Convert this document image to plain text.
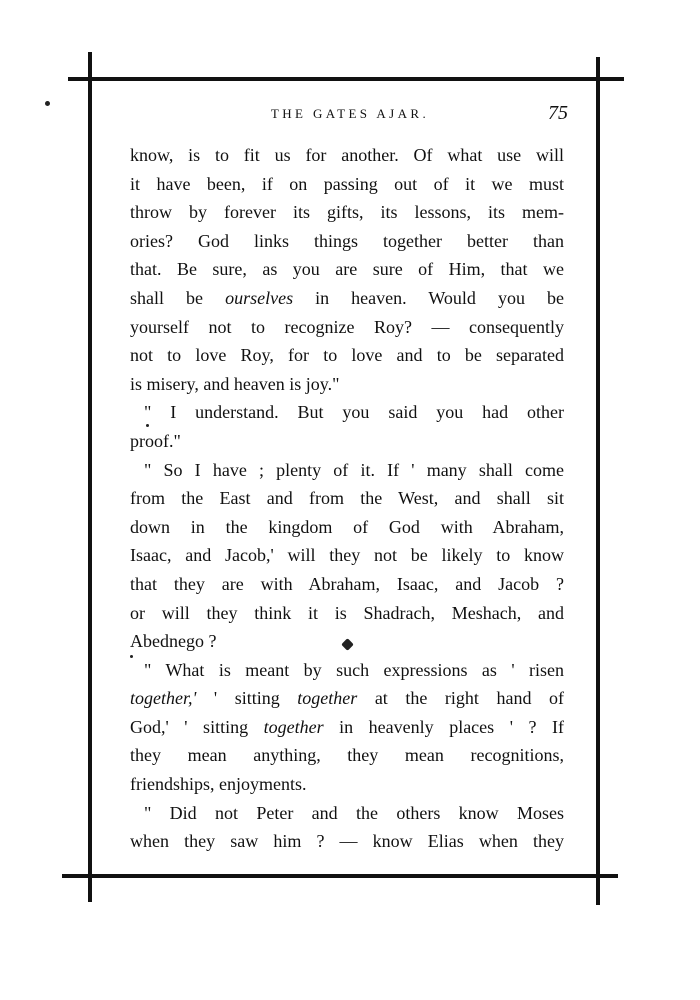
THE GATES AJAR.	75
know, is to fit us for another. Of what use will
it have been, if on passing out of it we must
throw by forever its gifts, its lessons, its mem-
ories? God links things together better than
that. Be sure, as you are sure of Him, that we
shall be ourselves in heaven. Would you be
yourself not to recognize Roy? — consequently
not to love Roy, for to love and to be separated
is misery, and heaven is joy."
" I understand. But you said you had other
proof."
" So I have ; plenty of it. If ' many shall come
from the East and from the West, and shall sit
down in the kingdom of God with Abraham,
Isaac, and Jacob,' will they not be likely to know
that they are with Abraham, Isaac, and Jacob ?
or will they think it is Shadrach, Meshach, and
Abednego ?
" What is meant by such expressions as ' risen
together,' ' sitting together at the right hand of
God,' ' sitting together in heavenly places ' ? If
they mean anything, they mean recognitions,
friendships, enjoyments.
" Did not Peter and the others know Moses
when they saw him ? — know Elias when they
